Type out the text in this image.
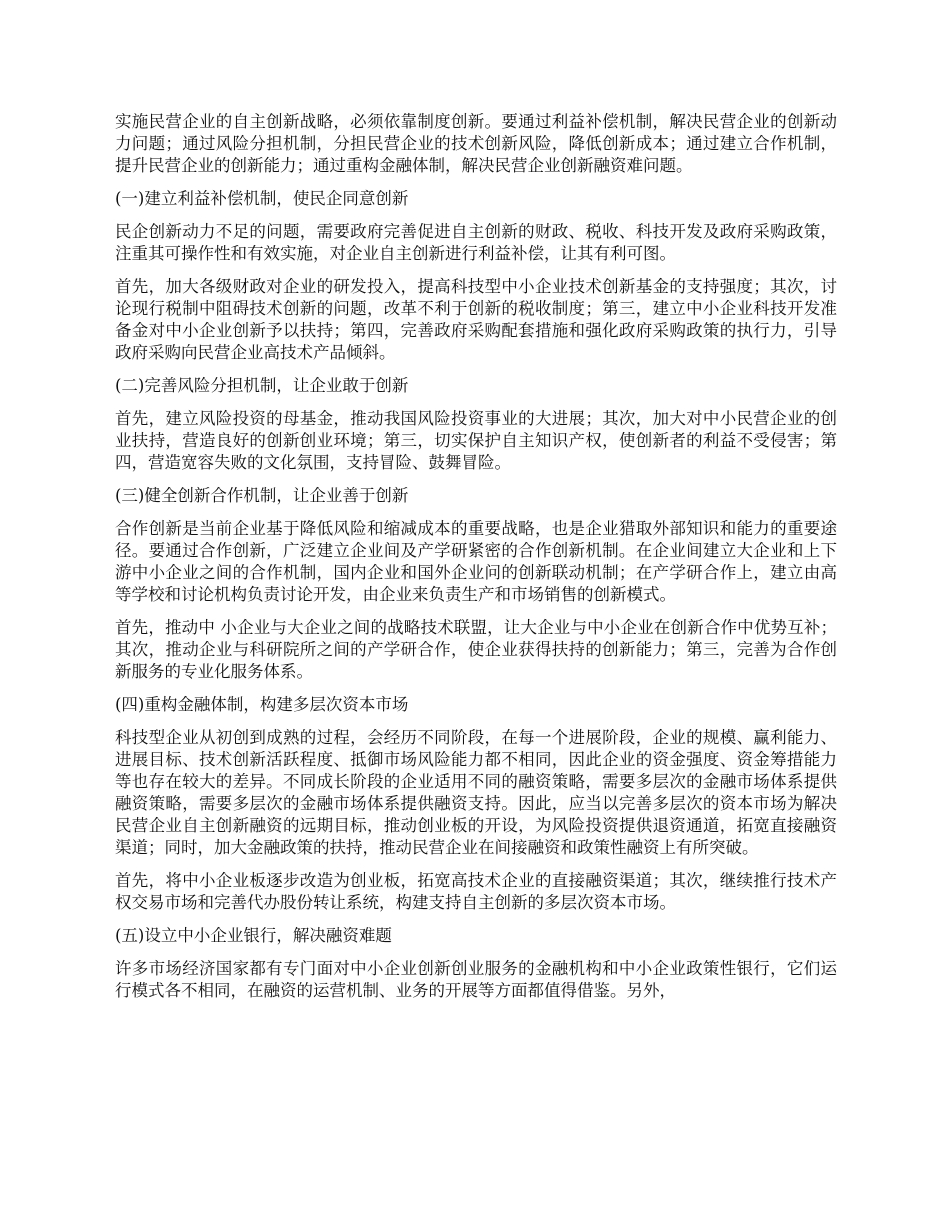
实施民营企业的自主创新战略，必须依靠制度创新。要通过利益补偿机制，解决民营企业的创新动力问题；通过风险分担机制，分担民营企业的技术创新风险，降低创新成本；通过建立合作机制，提升民营企业的创新能力；通过重构金融体制，解决民营企业创新融资难问题。

(一)建立利益补偿机制，使民企同意创新

民企创新动力不足的问题，需要政府完善促进自主创新的财政、税收、科技开发及政府采购政策，注重其可操作性和有效实施，对企业自主创新进行利益补偿，让其有利可图。

首先，加大各级财政对企业的研发投入，提高科技型中小企业技术创新基金的支持强度；其次，讨论现行税制中阻碍技术创新的问题，改革不利于创新的税收制度；第三，建立中小企业科技开发准备金对中小企业创新予以扶持；第四，完善政府采购配套措施和强化政府采购政策的执行力，引导政府采购向民营企业高技术产品倾斜。

(二)完善风险分担机制，让企业敢于创新

首先，建立风险投资的母基金，推动我国风险投资事业的大进展；其次，加大对中小民营企业的创业扶持，营造良好的创新创业环境；第三，切实保护自主知识产权，使创新者的利益不受侵害；第四，营造宽容失败的文化氛围，支持冒险、鼓舞冒险。

(三)健全创新合作机制，让企业善于创新

合作创新是当前企业基于降低风险和缩减成本的重要战略，也是企业猎取外部知识和能力的重要途径。要通过合作创新，广泛建立企业间及产学研紧密的合作创新机制。在企业间建立大企业和上下游中小企业之间的合作机制，国内企业和国外企业问的创新联动机制；在产学研合作上，建立由高等学校和讨论机构负责讨论开发，由企业来负责生产和市场销售的创新模式。

首先，推动中 小企业与大企业之间的战略技术联盟，让大企业与中小企业在创新合作中优势互补；其次，推动企业与科研院所之间的产学研合作，使企业获得扶持的创新能力；第三，完善为合作创新服务的专业化服务体系。

(四)重构金融体制，构建多层次资本市场

科技型企业从初创到成熟的过程，会经历不同阶段，在每一个进展阶段，企业的规模、赢利能力、进展目标、技术创新活跃程度、抵御市场风险能力都不相同，因此企业的资金强度、资金筹措能力等也存在较大的差异。不同成长阶段的企业适用不同的融资策略，需要多层次的金融市场体系提供融资策略，需要多层次的金融市场体系提供融资支持。因此，应当以完善多层次的资本市场为解决民营企业自主创新融资的远期目标，推动创业板的开设，为风险投资提供退资通道，拓宽直接融资渠道；同时，加大金融政策的扶持，推动民营企业在间接融资和政策性融资上有所突破。

首先，将中小企业板逐步改造为创业板，拓宽高技术企业的直接融资渠道；其次，继续推行技术产权交易市场和完善代办股份转让系统，构建支持自主创新的多层次资本市场。

(五)设立中小企业银行，解决融资难题

许多市场经济国家都有专门面对中小企业创新创业服务的金融机构和中小企业政策性银行，它们运行模式各不相同，在融资的运营机制、业务的开展等方面都值得借鉴。另外，
